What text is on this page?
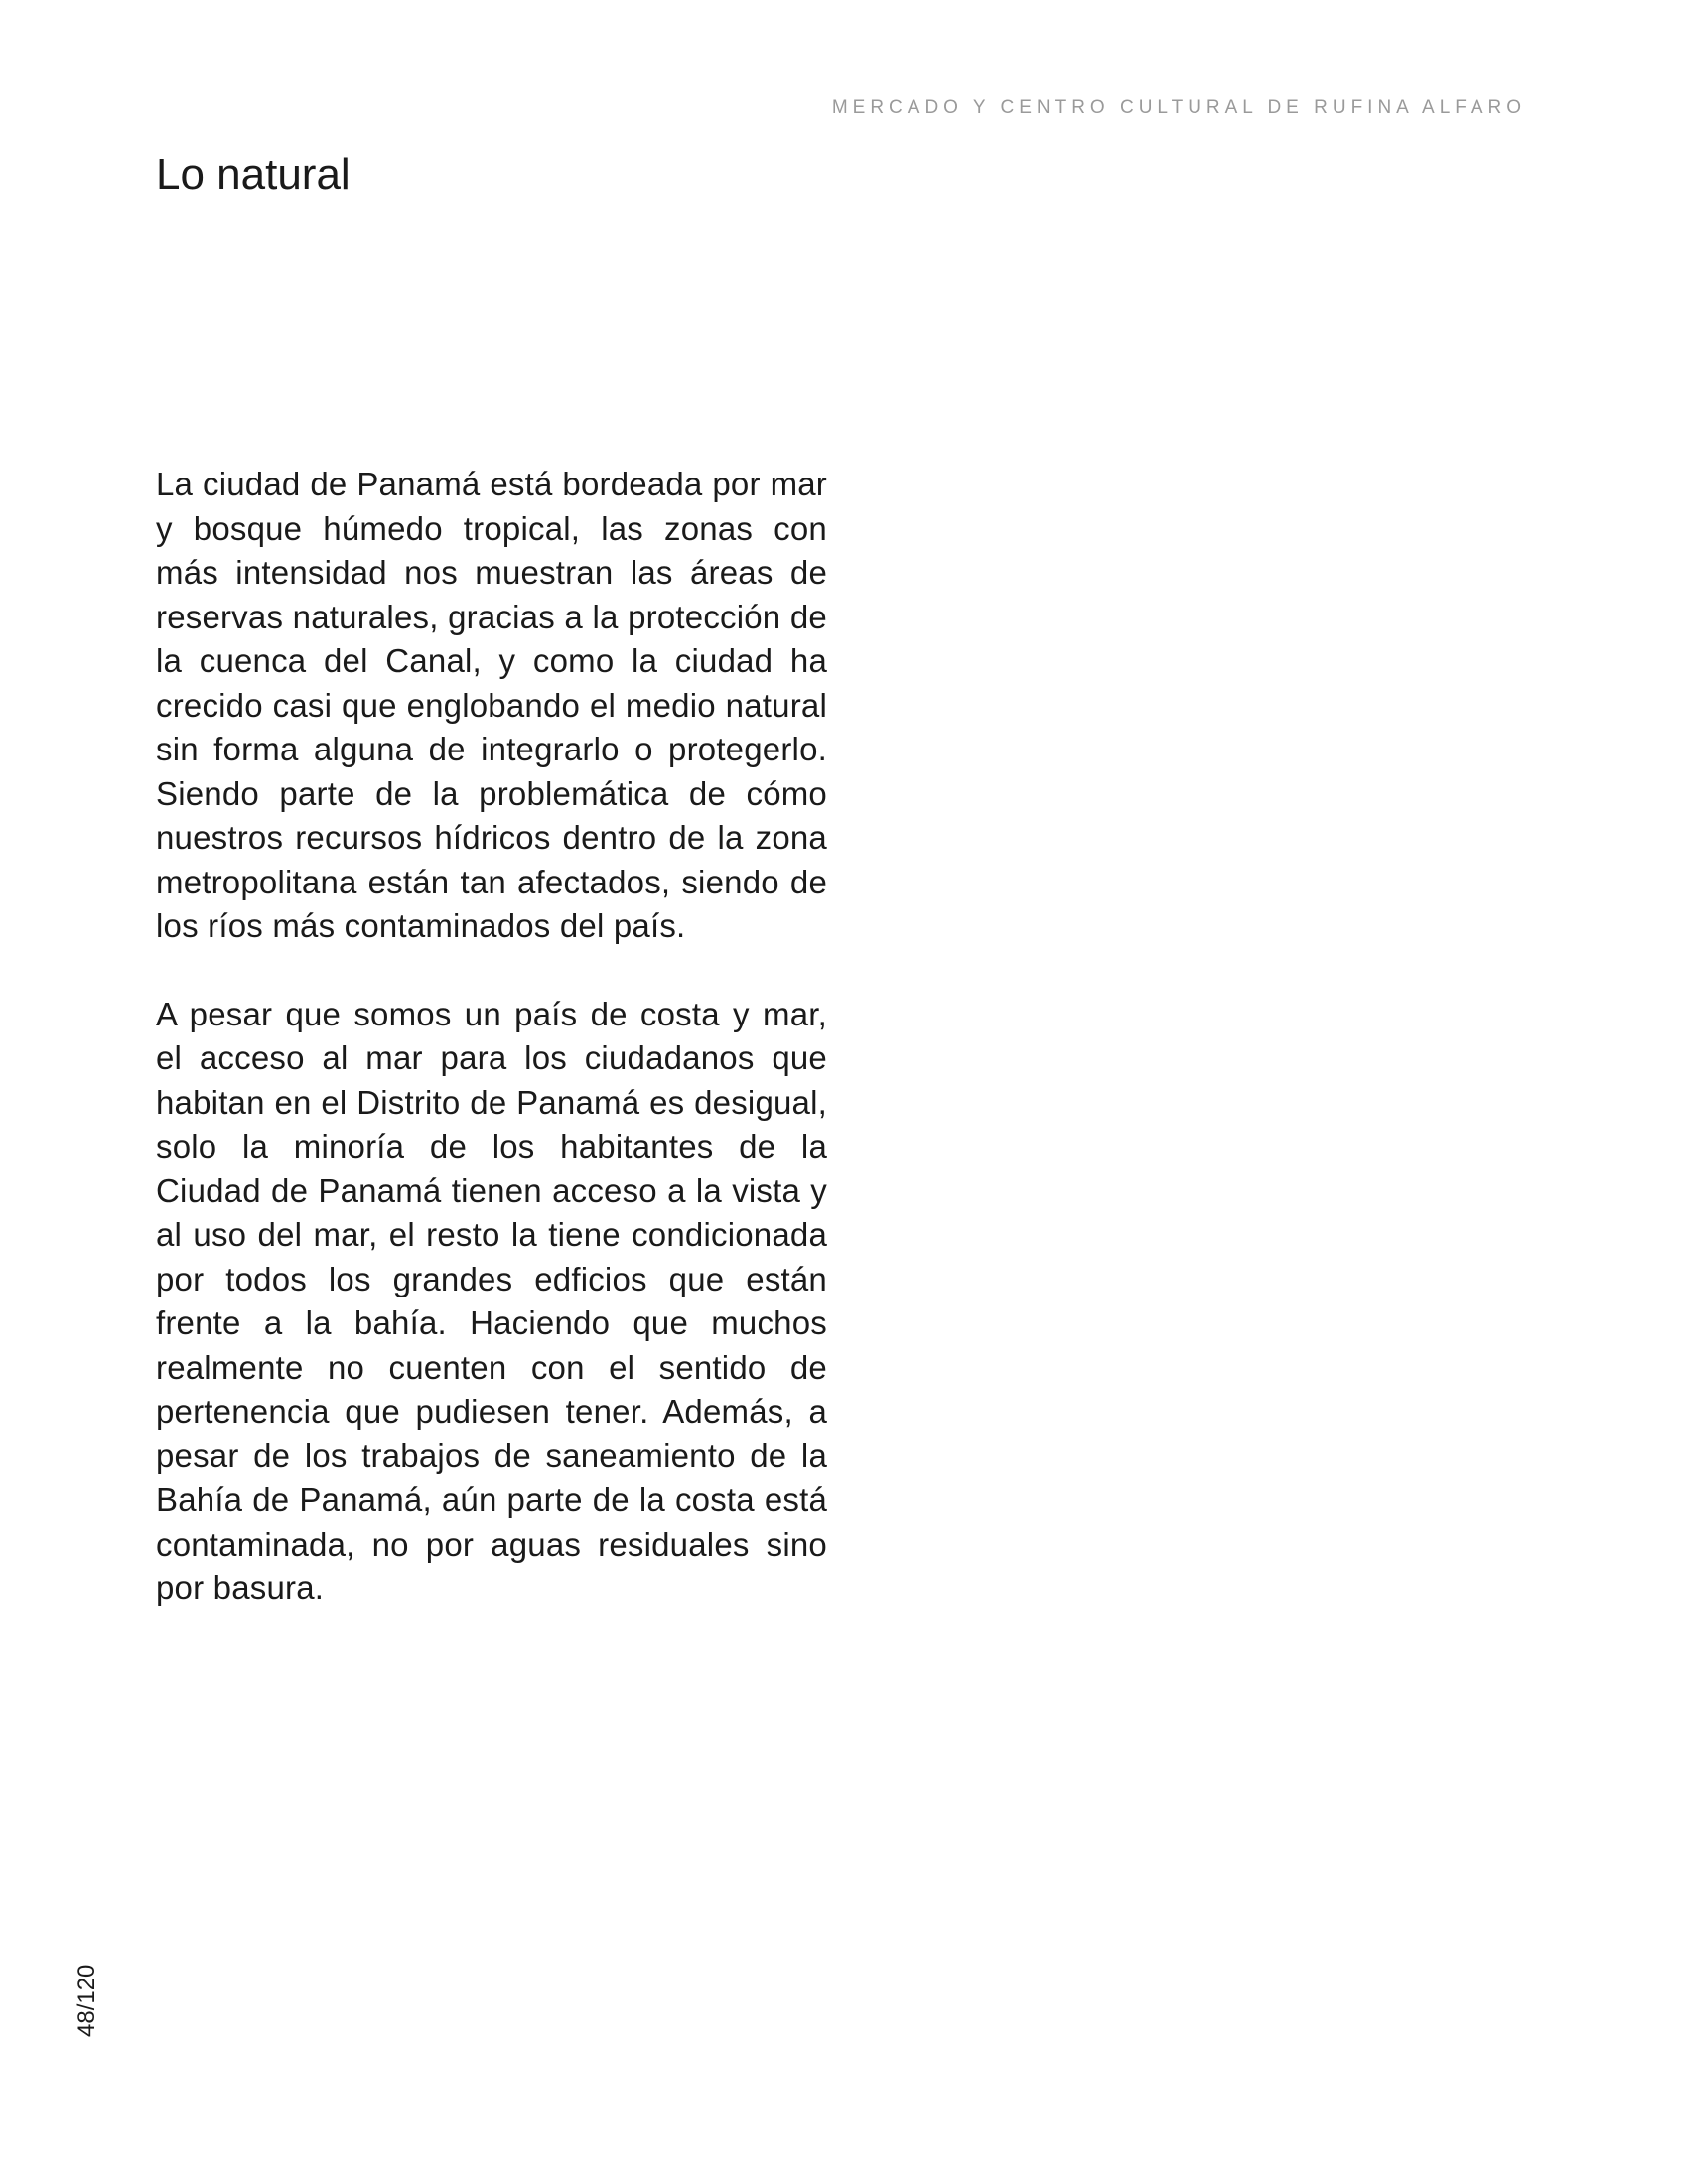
MERCADO Y CENTRO CULTURAL DE RUFINA ALFARO
Lo natural

La ciudad de Panamá está bordeada por mar y bosque húmedo tropical, las zonas con más intensidad nos muestran las áreas de reservas naturales, gracias a la protección de la cuenca del Canal, y como la ciudad ha crecido casi que englobando el medio natural sin forma alguna de integrarlo o protegerlo. Siendo parte de la problemática de cómo nuestros recursos hídricos dentro de la zona metropolitana están tan afectados, siendo de los ríos más contaminados del país.

A pesar que somos un país de costa y mar, el acceso al mar para los ciudadanos que habitan en el Distrito de Panamá es desigual, solo la minoría de los habitantes de la Ciudad de Panamá tienen acceso a la vista y al uso del mar, el resto la tiene condicionada por todos los grandes edficios que están frente a la bahía. Haciendo que muchos realmente no cuenten con el sentido de pertenencia que pudiesen tener. Además, a pesar de los trabajos de saneamiento de la Bahía de Panamá, aún parte de la costa está contaminada, no por aguas residuales sino por basura.

48/120
